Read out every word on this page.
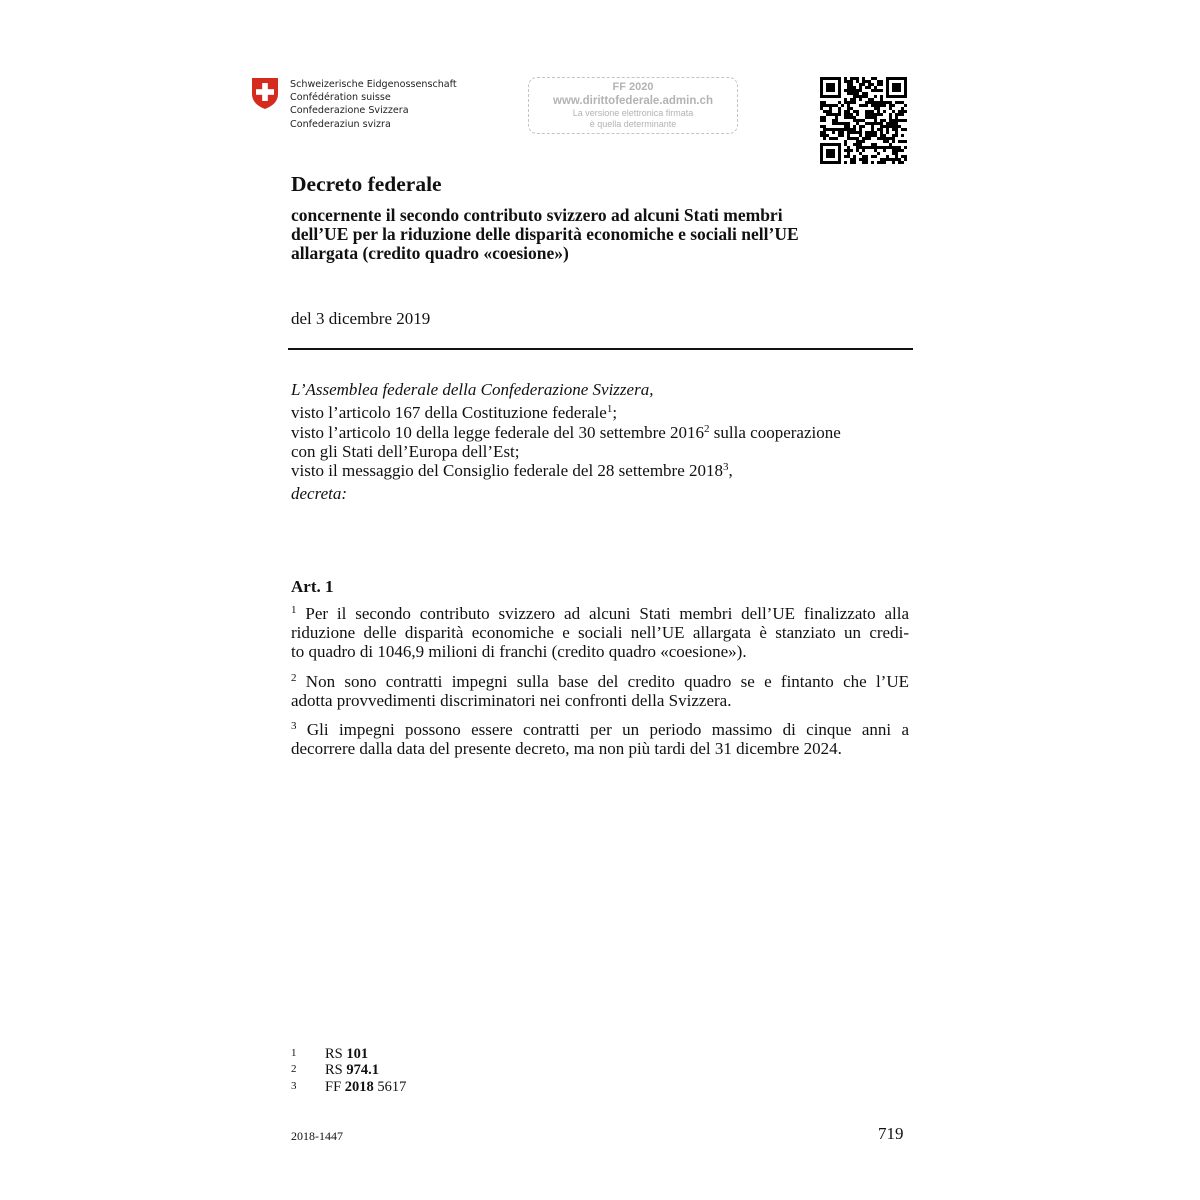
Schweizerische Eidgenossenschaft
Confédération suisse
Confederazione Svizzera
Confederaziun svizra
FF 2020
www.dirittofederale.admin.ch
La versione elettronica firmata
è quella determinante
Decreto federale
concernente il secondo contributo svizzero ad alcuni Stati membri
dell’UE per la riduzione delle disparità economiche e sociali nell’UE
allargata (credito quadro «coesione»)
del 3 dicembre 2019
L’Assemblea federale della Confederazione Svizzera,
visto l’articolo 167 della Costituzione federale$^1$;
visto l’articolo 10 della legge federale del 30 settembre 2016$^2$ sulla cooperazione
con gli Stati dell’Europa dell’Est;
visto il messaggio del Consiglio federale del 28 settembre 2018$^3$,
decreta:
Art. 1
$^1$ Per il secondo contributo svizzero ad alcuni Stati membri dell’UE finalizzato alla
riduzione delle disparità economiche e sociali nell’UE allargata è stanziato un credi-
to quadro di 1046,9 milioni di franchi (credito quadro «coesione»).
$^2$ Non sono contratti impegni sulla base del credito quadro se e fintanto che l’UE
adotta provvedimenti discriminatori nei confronti della Svizzera.
$^3$ Gli impegni possono essere contratti per un periodo massimo di cinque anni a
decorrere dalla data del presente decreto, ma non più tardi del 31 dicembre 2024.
1 RS 101
2 RS 974.1
3 FF 2018 5617
2018-1447	719
